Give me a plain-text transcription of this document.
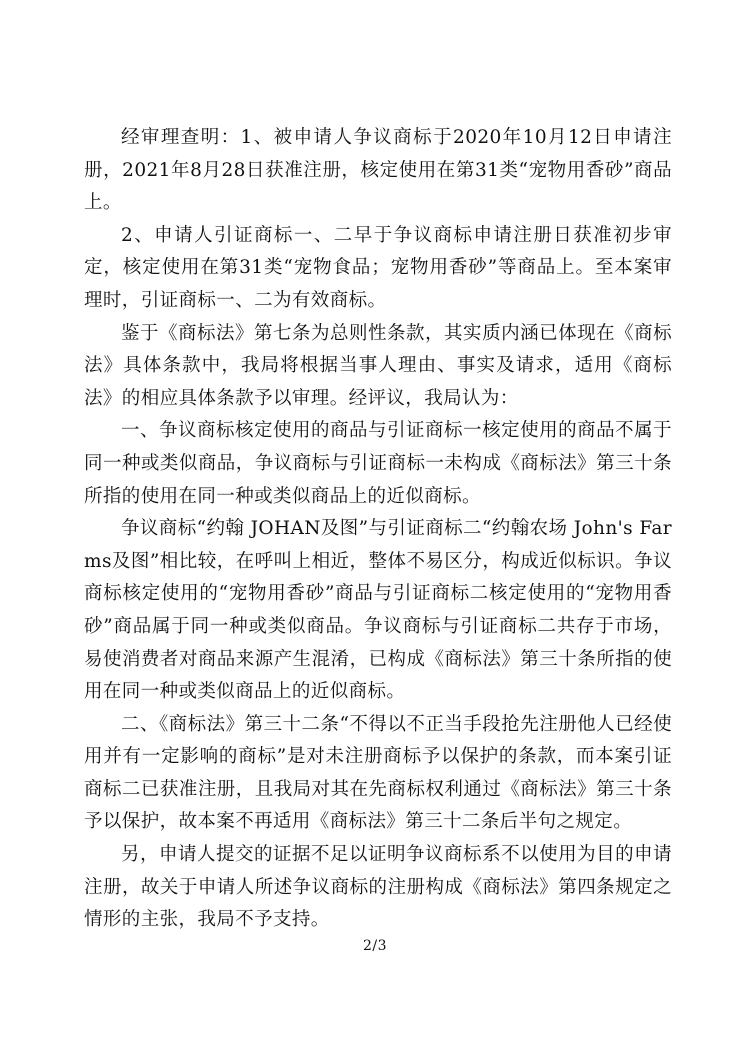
经审理查明：1、被申请人争议商标于2020年10月12日申请注册，2021年8月28日获准注册，核定使用在第31类“宠物用香砂”商品上。

2、申请人引证商标一、二早于争议商标申请注册日获准初步审定，核定使用在第31类“宠物食品；宠物用香砂”等商品上。至本案审理时，引证商标一、二为有效商标。

鉴于《商标法》第七条为总则性条款，其实质内涵已体现在《商标法》具体条款中，我局将根据当事人理由、事实及请求，适用《商标法》的相应具体条款予以审理。经评议，我局认为：

一、争议商标核定使用的商品与引证商标一核定使用的商品不属于同一种或类似商品，争议商标与引证商标一未构成《商标法》第三十条所指的使用在同一种或类似商品上的近似商标。

争议商标“约翰 JOHAN及图”与引证商标二“约翰农场 John's Farms及图”相比较，在呼叫上相近，整体不易区分，构成近似标识。争议商标核定使用的“宠物用香砂”商品与引证商标二核定使用的“宠物用香砂”商品属于同一种或类似商品。争议商标与引证商标二共存于市场，易使消费者对商品来源产生混淆，已构成《商标法》第三十条所指的使用在同一种或类似商品上的近似商标。

二、《商标法》第三十二条“不得以不正当手段抢先注册他人已经使用并有一定影响的商标”是对未注册商标予以保护的条款，而本案引证商标二已获准注册，且我局对其在先商标权利通过《商标法》第三十条予以保护，故本案不再适用《商标法》第三十二条后半句之规定。

另，申请人提交的证据不足以证明争议商标系不以使用为目的申请注册，故关于申请人所述争议商标的注册构成《商标法》第四条规定之情形的主张，我局不予支持。

2/3
